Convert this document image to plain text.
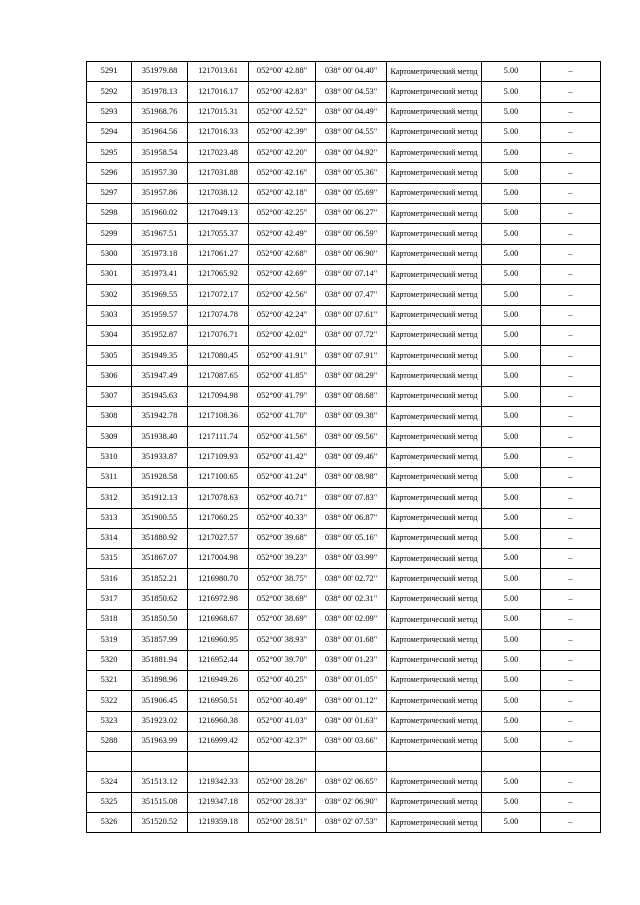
5291	351979.88	1217013.61	052°00' 42.88"	038° 00' 04.40"	Картометрический метод	5.00	–
5292	351978.13	1217016.17	052°00' 42.83"	038° 00' 04.53"	Картометрический метод	5.00	–
5293	351968.76	1217015.31	052°00' 42.52"	038° 00' 04.49"	Картометрический метод	5.00	–
5294	351964.56	1217016.33	052°00' 42.39"	038° 00' 04.55"	Картометрический метод	5.00	–
5295	351958.54	1217023.48	052°00' 42.20"	038° 00' 04.92"	Картометрический метод	5.00	–
5296	351957.30	1217031.88	052°00' 42.16"	038° 00' 05.36"	Картометрический метод	5.00	–
5297	351957.86	1217038.12	052°00' 42.18"	038° 00' 05.69"	Картометрический метод	5.00	–
5298	351960.02	1217049.13	052°00' 42.25"	038° 00' 06.27"	Картометрический метод	5.00	–
5299	351967.51	1217055.37	052°00' 42.49"	038° 00' 06.59"	Картометрический метод	5.00	–
5300	351973.18	1217061.27	052°00' 42.68"	038° 00' 06.90"	Картометрический метод	5.00	–
5301	351973.41	1217065.92	052°00' 42.69"	038° 00' 07.14"	Картометрический метод	5.00	–
5302	351969.55	1217072.17	052°00' 42.56"	038° 00' 07.47"	Картометрический метод	5.00	–
5303	351959.57	1217074.78	052°00' 42.24"	038° 00' 07.61"	Картометрический метод	5.00	–
5304	351952.87	1217076.71	052°00' 42.02"	038° 00' 07.72"	Картометрический метод	5.00	–
5305	351949.35	1217080.45	052°00' 41.91"	038° 00' 07.91"	Картометрический метод	5.00	–
5306	351947.49	1217087.65	052°00' 41.85"	038° 00' 08.29"	Картометрический метод	5.00	–
5307	351945.63	1217094.98	052°00' 41.79"	038° 00' 08.68"	Картометрический метод	5.00	–
5308	351942.78	1217108.36	052°00' 41.70"	038° 00' 09.38"	Картометрический метод	5.00	–
5309	351938.40	1217111.74	052°00' 41.56"	038° 00' 09.56"	Картометрический метод	5.00	–
5310	351933.87	1217109.93	052°00' 41.42"	038° 00' 09.46"	Картометрический метод	5.00	–
5311	351928.58	1217100.65	052°00' 41.24"	038° 00' 08.98"	Картометрический метод	5.00	–
5312	351912.13	1217078.63	052°00' 40.71"	038° 00' 07.83"	Картометрический метод	5.00	–
5313	351900.55	1217060.25	052°00' 40.33"	038° 00' 06.87"	Картометрический метод	5.00	–
5314	351880.92	1217027.57	052°00' 39.68"	038° 00' 05.16"	Картометрический метод	5.00	–
5315	351867.07	1217004.98	052°00' 39.23"	038° 00' 03.99"	Картометрический метод	5.00	–
5316	351852.21	1216980.70	052°00' 38.75"	038° 00' 02.72"	Картометрический метод	5.00	–
5317	351850.62	1216972.98	052°00' 38.69"	038° 00' 02.31"	Картометрический метод	5.00	–
5318	351850.50	1216968.67	052°00' 38.69"	038° 00' 02.09"	Картометрический метод	5.00	–
5319	351857.99	1216960.95	052°00' 38.93"	038° 00' 01.68"	Картометрический метод	5.00	–
5320	351881.94	1216952.44	052°00' 39.70"	038° 00' 01.23"	Картометрический метод	5.00	–
5321	351898.96	1216949.26	052°00' 40.25"	038° 00' 01.05"	Картометрический метод	5.00	–
5322	351906.45	1216950.51	052°00' 40.49"	038° 00' 01.12"	Картометрический метод	5.00	–
5323	351923.02	1216960.38	052°00' 41.03"	038° 00' 01.63"	Картометрический метод	5.00	–
5288	351963.99	1216999.42	052°00' 42.37"	038° 00' 03.66"	Картометрический метод	5.00	–

5324	351513.12	1219342.33	052°00' 28.26"	038° 02' 06.65"	Картометрический метод	5.00	–
5325	351515.08	1219347.18	052°00' 28.33"	038° 02' 06.90"	Картометрический метод	5.00	–
5326	351520.52	1219359.18	052°00' 28.51"	038° 02' 07.53"	Картометрический метод	5.00	–
